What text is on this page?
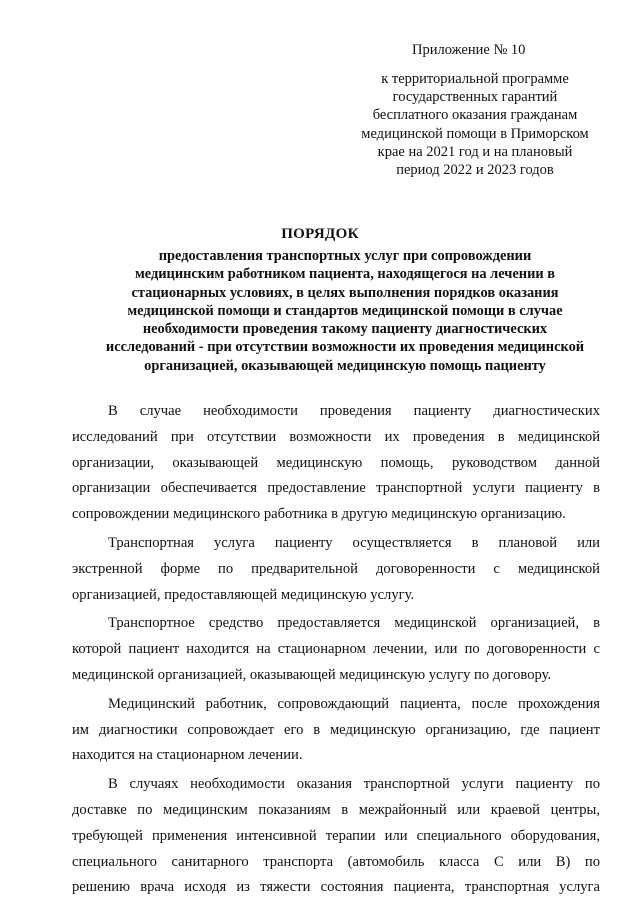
Приложение № 10
к территориальной программе
государственных гарантий
бесплатного оказания гражданам
медицинской помощи в Приморском
крае на 2021 год и на плановый
период 2022 и 2023 годов
ПОРЯДОК
предоставления транспортных услуг при сопровождении
медицинским работником пациента, находящегося на лечении в
стационарных условиях, в целях выполнения порядков оказания
медицинской помощи и стандартов медицинской помощи в случае
необходимости проведения такому пациенту диагностических
исследований - при отсутствии возможности их проведения медицинской
организацией, оказывающей медицинскую помощь пациенту
В случае необходимости проведения пациенту диагностических
исследований при отсутствии возможности их проведения в медицинской
организации, оказывающей медицинскую помощь, руководством данной
организации обеспечивается предоставление транспортной услуги пациенту в
сопровождении медицинского работника в другую медицинскую организацию.
Транспортная услуга пациенту осуществляется в плановой или
экстренной форме по предварительной договоренности с медицинской
организацией, предоставляющей медицинскую услугу.
Транспортное средство предоставляется медицинской организацией, в
которой пациент находится на стационарном лечении, или по договоренности с
медицинской организацией, оказывающей медицинскую услугу по договору.
Медицинский работник, сопровождающий пациента, после прохождения
им диагностики сопровождает его в медицинскую организацию, где пациент
находится на стационарном лечении.
В случаях необходимости оказания транспортной услуги пациенту по
доставке по медицинским показаниям в межрайонный или краевой центры,
требующей применения интенсивной терапии или специального оборудования,
специального санитарного транспорта (автомобиль класса С или В) по
решению врача исходя из тяжести состояния пациента, транспортная услуга
